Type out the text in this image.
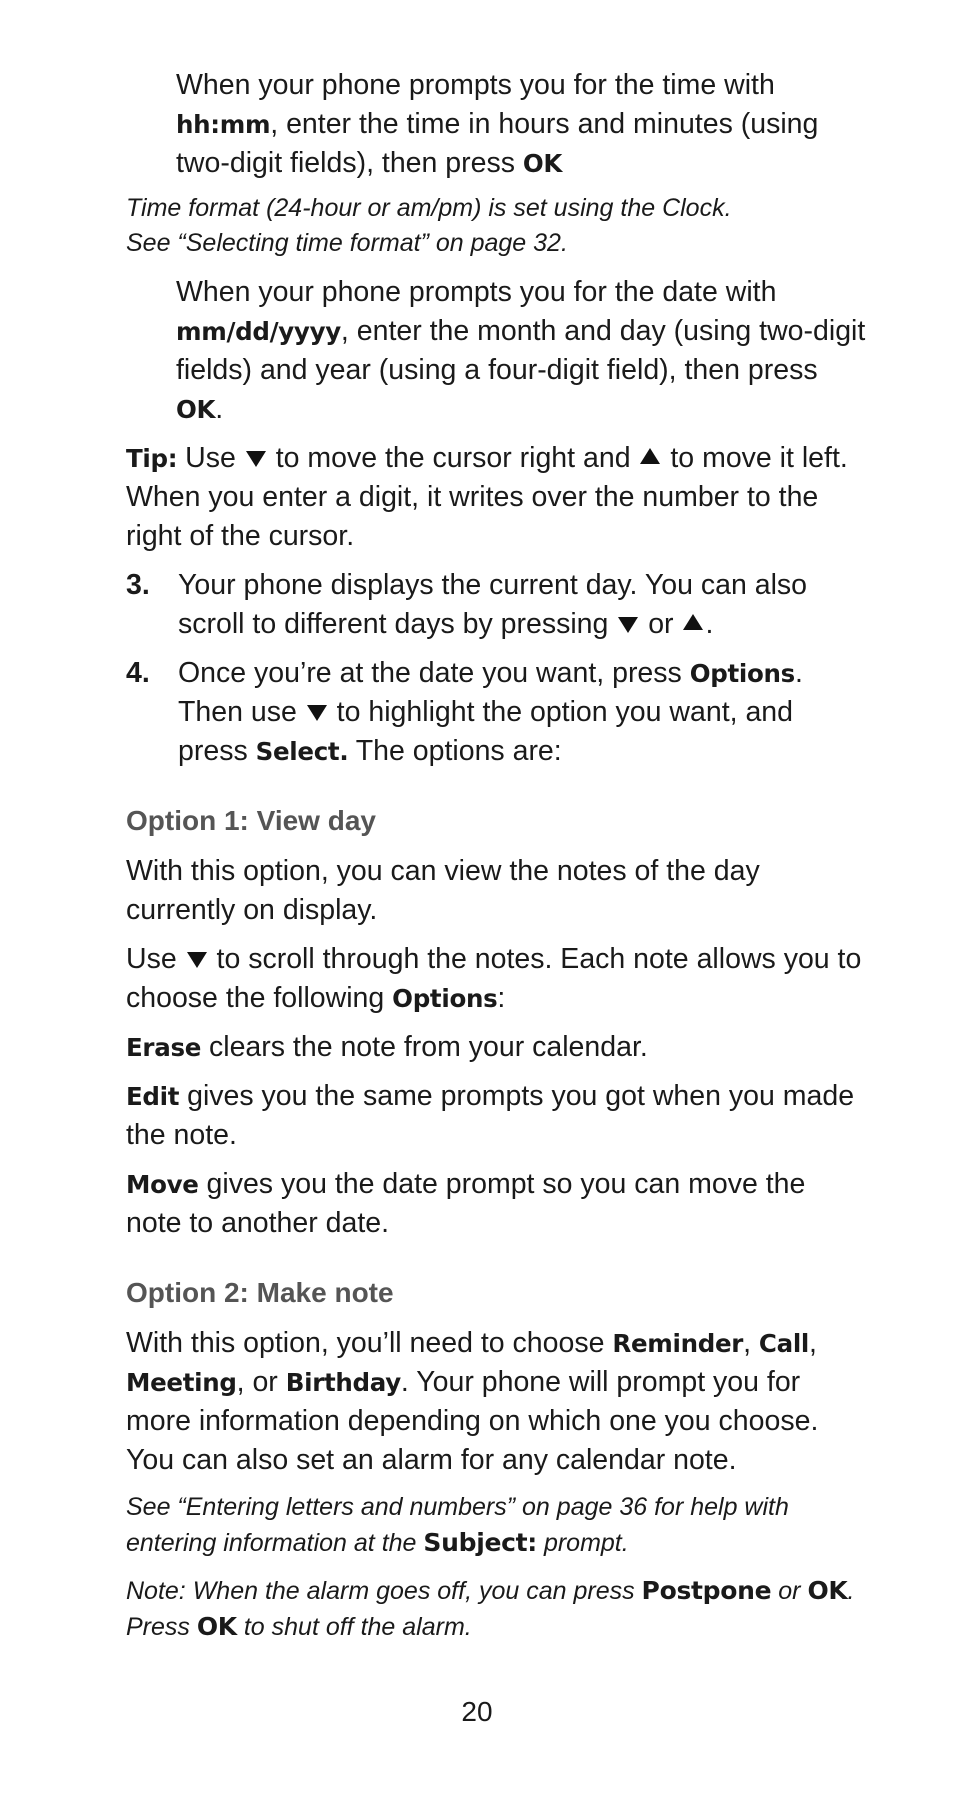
When your phone prompts you for the time with hh:mm, enter the time in hours and minutes (using two-digit fields), then press OK

Time format (24-hour or am/pm) is set using the Clock.
See “Selecting time format” on page 32.

When your phone prompts you for the date with mm/dd/yyyy, enter the month and day (using two-digit fields) and year (using a four-digit field), then press OK.

Tip: Use  to move the cursor right and  to move it left. When you enter a digit, it writes over the number to the right of the cursor.

3. Your phone displays the current day. You can also scroll to different days by pressing  or .

4. Once you’re at the date you want, press Options. Then use  to highlight the option you want, and press Select. The options are:

Option 1: View day

With this option, you can view the notes of the day currently on display.

Use  to scroll through the notes. Each note allows you to choose the following Options:

Erase clears the note from your calendar.

Edit gives you the same prompts you got when you made the note.

Move gives you the date prompt so you can move the note to another date.

Option 2: Make note

With this option, you’ll need to choose Reminder, Call, Meeting, or Birthday. Your phone will prompt you for more information depending on which one you choose. You can also set an alarm for any calendar note.

See “Entering letters and numbers” on page 36 for help with entering information at the Subject: prompt.

Note: When the alarm goes off, you can press Postpone or OK. Press OK to shut off the alarm.

20
